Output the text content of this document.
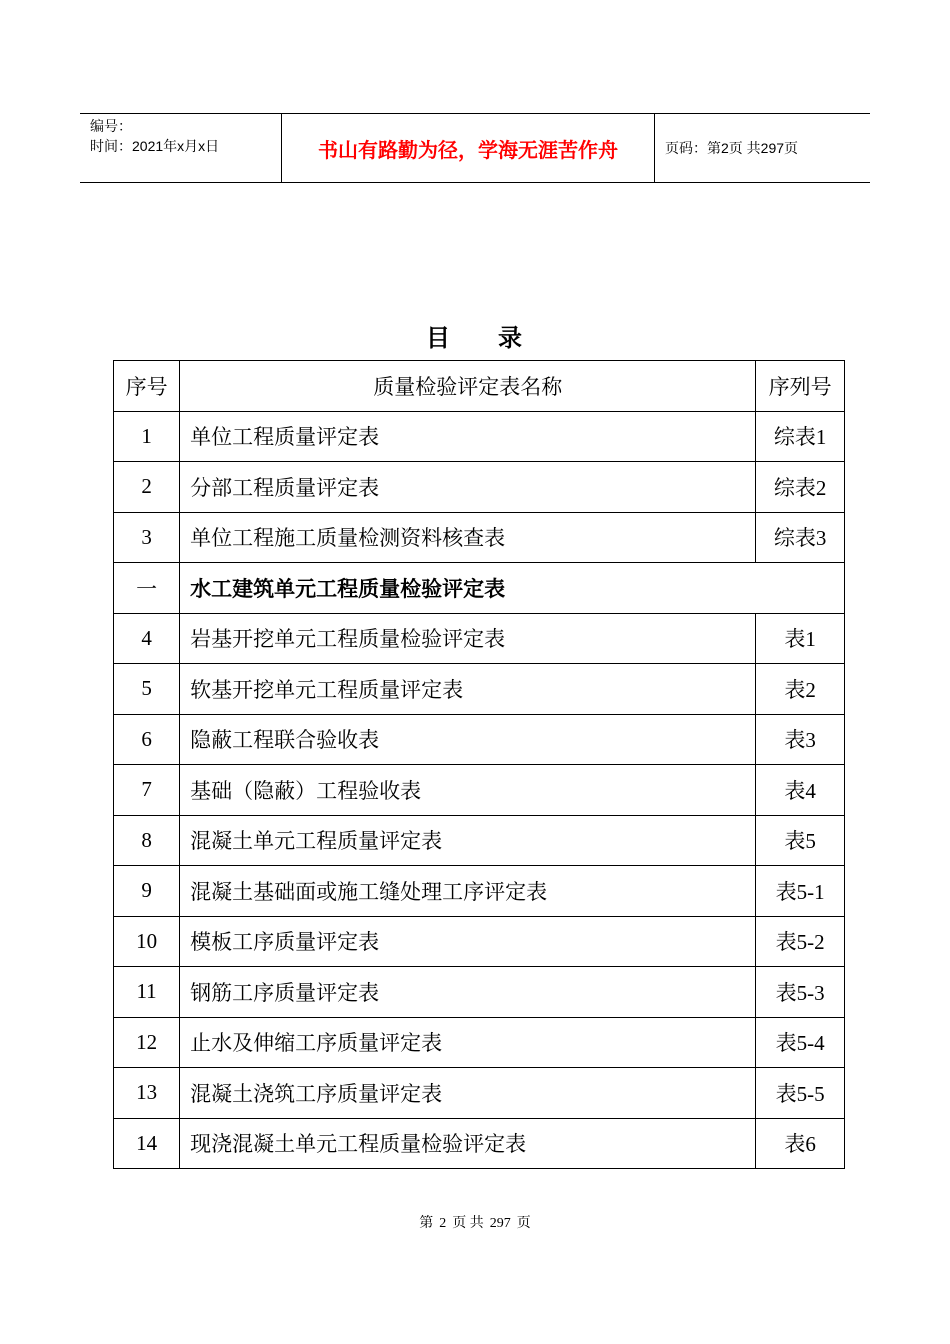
编号：
时间：2021年x月x日	书山有路勤为径，学海无涯苦作舟	页码：第2页 共297页
目 录
序号	质量检验评定表名称	序列号
1	单位工程质量评定表	综表1
2	分部工程质量评定表	综表2
3	单位工程施工质量检测资料核查表	综表3
一	水工建筑单元工程质量检验评定表	
4	岩基开挖单元工程质量检验评定表	表1
5	软基开挖单元工程质量评定表	表2
6	隐蔽工程联合验收表	表3
7	基础（隐蔽）工程验收表	表4
8	混凝土单元工程质量评定表	表5
9	混凝土基础面或施工缝处理工序评定表	表5-1
10	模板工序质量评定表	表5-2
11	钢筋工序质量评定表	表5-3
12	止水及伸缩工序质量评定表	表5-4
13	混凝土浇筑工序质量评定表	表5-5
14	现浇混凝土单元工程质量检验评定表	表6
第 2 页 共 297 页
